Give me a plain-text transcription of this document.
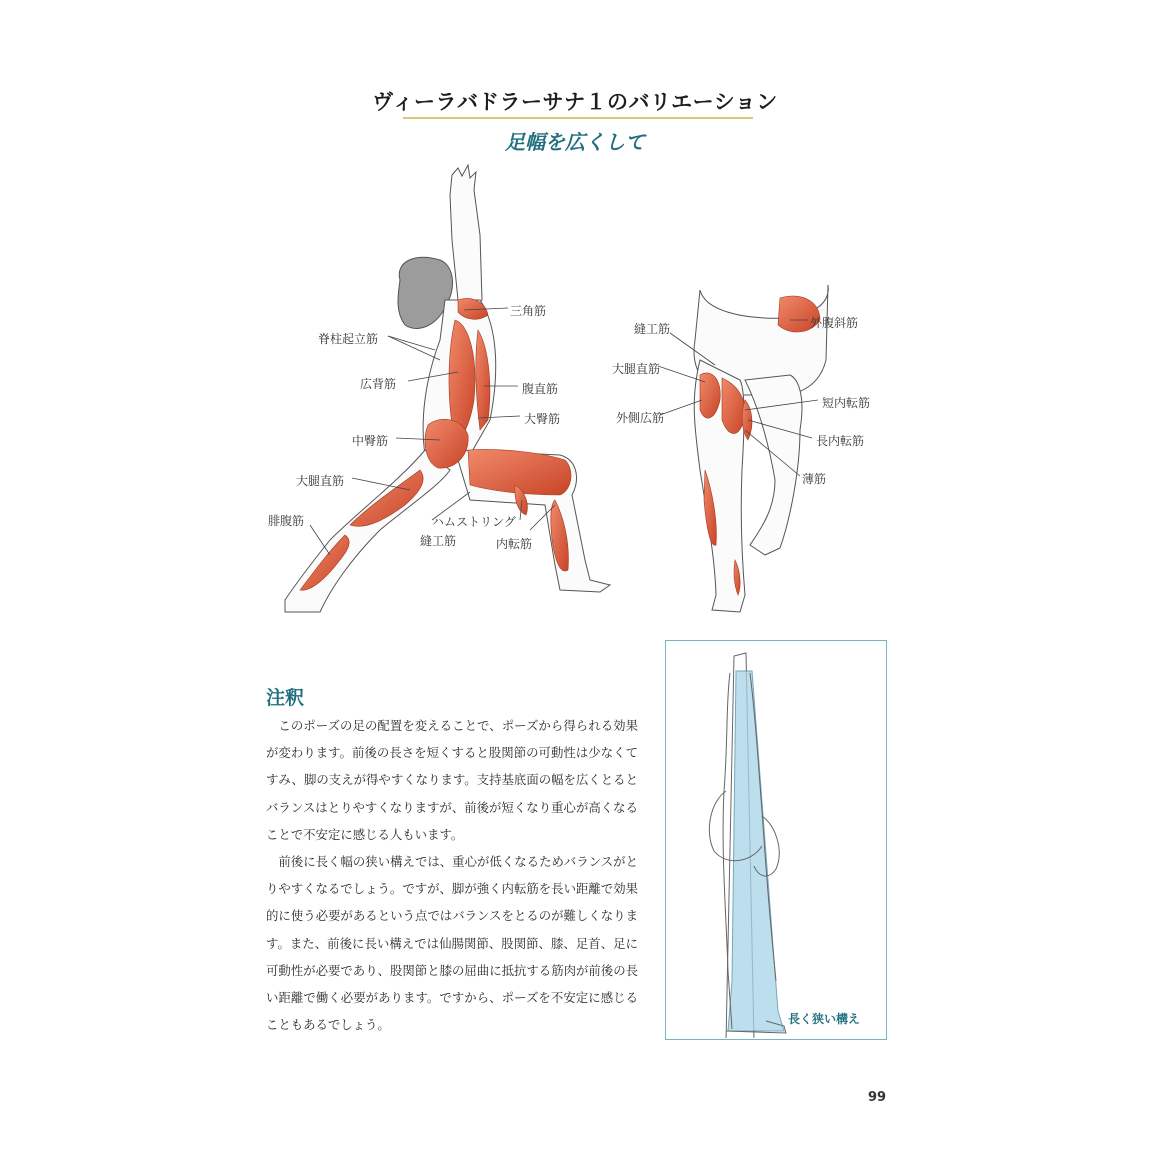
ヴィーラバドラーサナ１のバリエーション
足幅を広くして
三角筋
脊柱起立筋
広背筋	腹直筋
大臀筋
中臀筋
大腿直筋
腓腹筋	ハムストリング
縫工筋	内転筋
縫工筋	外腹斜筋
大腿直筋
短内転筋
外側広筋
長内転筋
薄筋
注釈

このポーズの足の配置を変えることで、ポーズから得られる効果が変わります。前後の長さを短くすると股関節の可動性は少なくてすみ、脚の支えが得やすくなります。支持基底面の幅を広くとるとバランスはとりやすくなりますが、前後が短くなり重心が高くなることで不安定に感じる人もいます。

前後に長く幅の狭い構えでは、重心が低くなるためバランスがとりやすくなるでしょう。ですが、脚が強く内転筋を長い距離で効果的に使う必要があるという点ではバランスをとるのが難しくなります。また、前後に長い構えでは仙腸関節、股関節、膝、足首、足に可動性が必要であり、股関節と膝の屈曲に抵抗する筋肉が前後の長い距離で働く必要があります。ですから、ポーズを不安定に感じることもあるでしょう。	長く狭い構え
99
